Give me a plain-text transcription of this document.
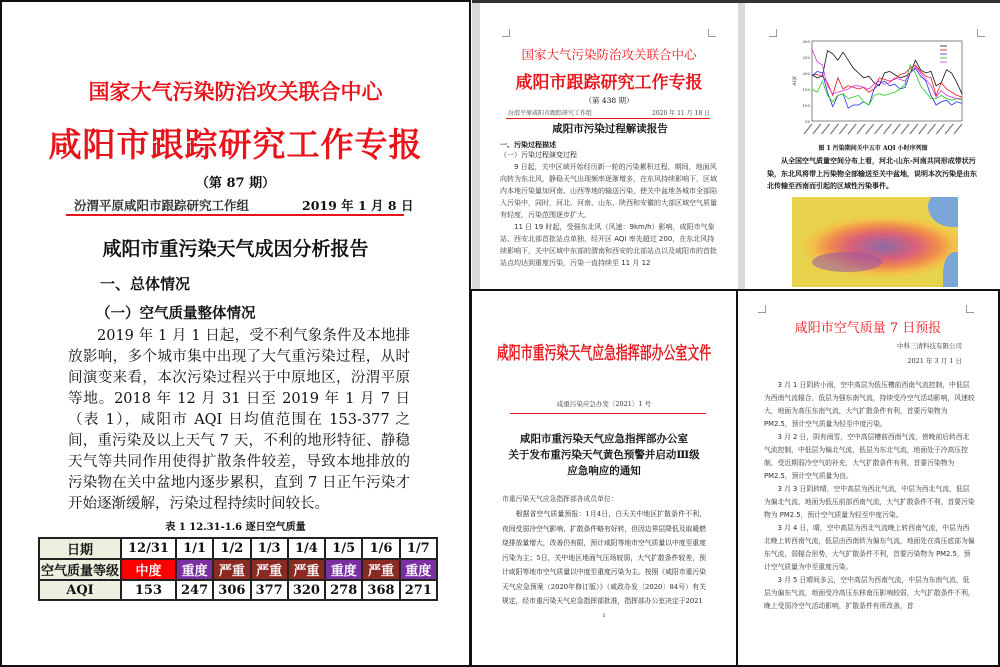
国家大气污染防治攻关联合中心
咸阳市跟踪研究工作专报
（第 87 期）
汾渭平原咸阳市跟踪研究工作组	2019 年 1 月 8 日
咸阳市重污染天气成因分析报告
一、总体情况
（一）空气质量整体情况

2019 年 1 月 1 日起，受不利气象条件及本地排放影响，多个城市集中出现了大气重污染过程，从时间演变来看，本次污染过程兴于中原地区，汾渭平原等地。2018 年 12 月 31 日至 2019 年 1 月 7 日（表 1），咸阳市 AQI 日均值范围在 153-377 之间，重污染及以上天气 7 天，不利的地形特征、静稳天气等共同作用使得扩散条件较差，导致本地排放的污染物在关中盆地内逐步累积，直到 7 日正午污染才开始逐渐缓解，污染过程持续时间较长。

表 1 12.31-1.6 逐日空气质量
日期	12/31	1/1	1/2	1/3	1/4	1/5	1/6	1/7
空气质量等级	中度	重度	严重	严重	严重	重度	严重	重度
AQI	153	247	306	377	320	278	368	271
国家大气污染防治攻关联合中心
咸阳市跟踪研究工作专报
（第 438 期）
汾渭平原咸阳市跟踪研究工作组	2020 年 11 月 18 日
咸阳市污染过程解读报告
一、污染过程描述
（一）污染过程演变过程

9 日起，关中区域开始经历新一轮的污染累积过程，期间，地面风向转为东北风，静稳天气出现频率逐渐增多，在东风持续影响下，区域内本地污染量加河南、山西等地的输送污染，使关中盆地各城市全部陷入污染中，同时，河北、河南、山东、陕西和安徽的大部区域空气质量有轻度，污染范围逐步扩大。

11 日 19 时起，受强东北风（风速：9km/h）影响，咸阳市气象站、西安北部首批站点单独，经开区 AQI 率先超过 200，在东北风持续影响下，关中区域中东部的渭南和西安的北部站点以及咸阳市的首批站点均达到重度污染，污染一直持续至 11 月 12

50
100
150
200
250
300
AQI
图 1 污染期间关中五市 AQI 小时序列图

从全国空气质量空间分布上看，河北-山东-河南共同形成带状污染，东北风将带上污染物全部输送至关中盆地，说明本次污染是由东北传输至西南而引起的区域性污染事件。

咸阳市重污染天气应急指挥部办公室文件
咸重污染应急办发〔2021〕1 号
咸阳市重污染天气应急指挥部办公室
关于发布重污染天气黄色预警并启动Ⅲ级
应急响应的通知
市重污染天气应急指挥部各成员单位：

根据省空气质量预报：1月4日，白天关中地区扩散条件不利，夜间受弱冷空气影响，扩散条件略有好转，但因边界层降低及取暖燃烧排放量增大，改善仍有限，预计咸阳等地市空气质量以中度至重度污染为主；5日，关中地区地面气压场较弱，大气扩散条件较差，预计咸阳等地市空气质量以中度至重度污染为主。按照《咸阳市重污染天气应急预案（2020年修订版）》（咸政办发〔2020〕84号）有关规定，经市重污染天气应急指挥部批准，指挥部办公室决定于2021

1
咸阳市空气质量 7 日预报
中科三清科技有限公司
2021 年 3 月 1 日

3 月 1 日阴转小雨，空中高层为低压槽前西南气流控制，中低层为西南气流辐合，低层为强东南气流，持续受冷空气活动影响，风速较大，地面为高压东南气流，大气扩散条件有利，首要污染物为 PM2.5，预计空气质量为轻至中度污染。

3 月 2 日，阴有雨雪，空中高层槽前西南气流，傍晚前后转西北气流控制，中低层为偏北气流，低层为东北气流，地面处于冷高压控制，受近期弱冷空气的补充，大气扩散条件有利，首要污染物为 PM2.5，预计空气质量为良。

3 月 3 日阴转晴，空中高层为西北气流，中层为西北气流，低层为偏北气流，地面为低压前部西南气流，大气扩散条件不利，首要污染物为 PM2.5，预计空气质量为轻至中度污染。

3 月 4 日，晴，空中高层为西北气流晚上转西南气流，中层为西北晚上转西南气流，低层由西南转为偏东气流，地面处在高压底部为偏东气流，弱辐合形势，大气扩散条件不利，首要污染物为 PM2.5，预计空气质量为中至重度污染。

3 月 5 日晴间多云，空中高层为西南气流，中层为东南气流，低层为偏东气流，地面受冷高压东移南压影响较弱，大气扩散条件不利，晚上受弱冷空气活动影响，扩散条件有所改善，首
